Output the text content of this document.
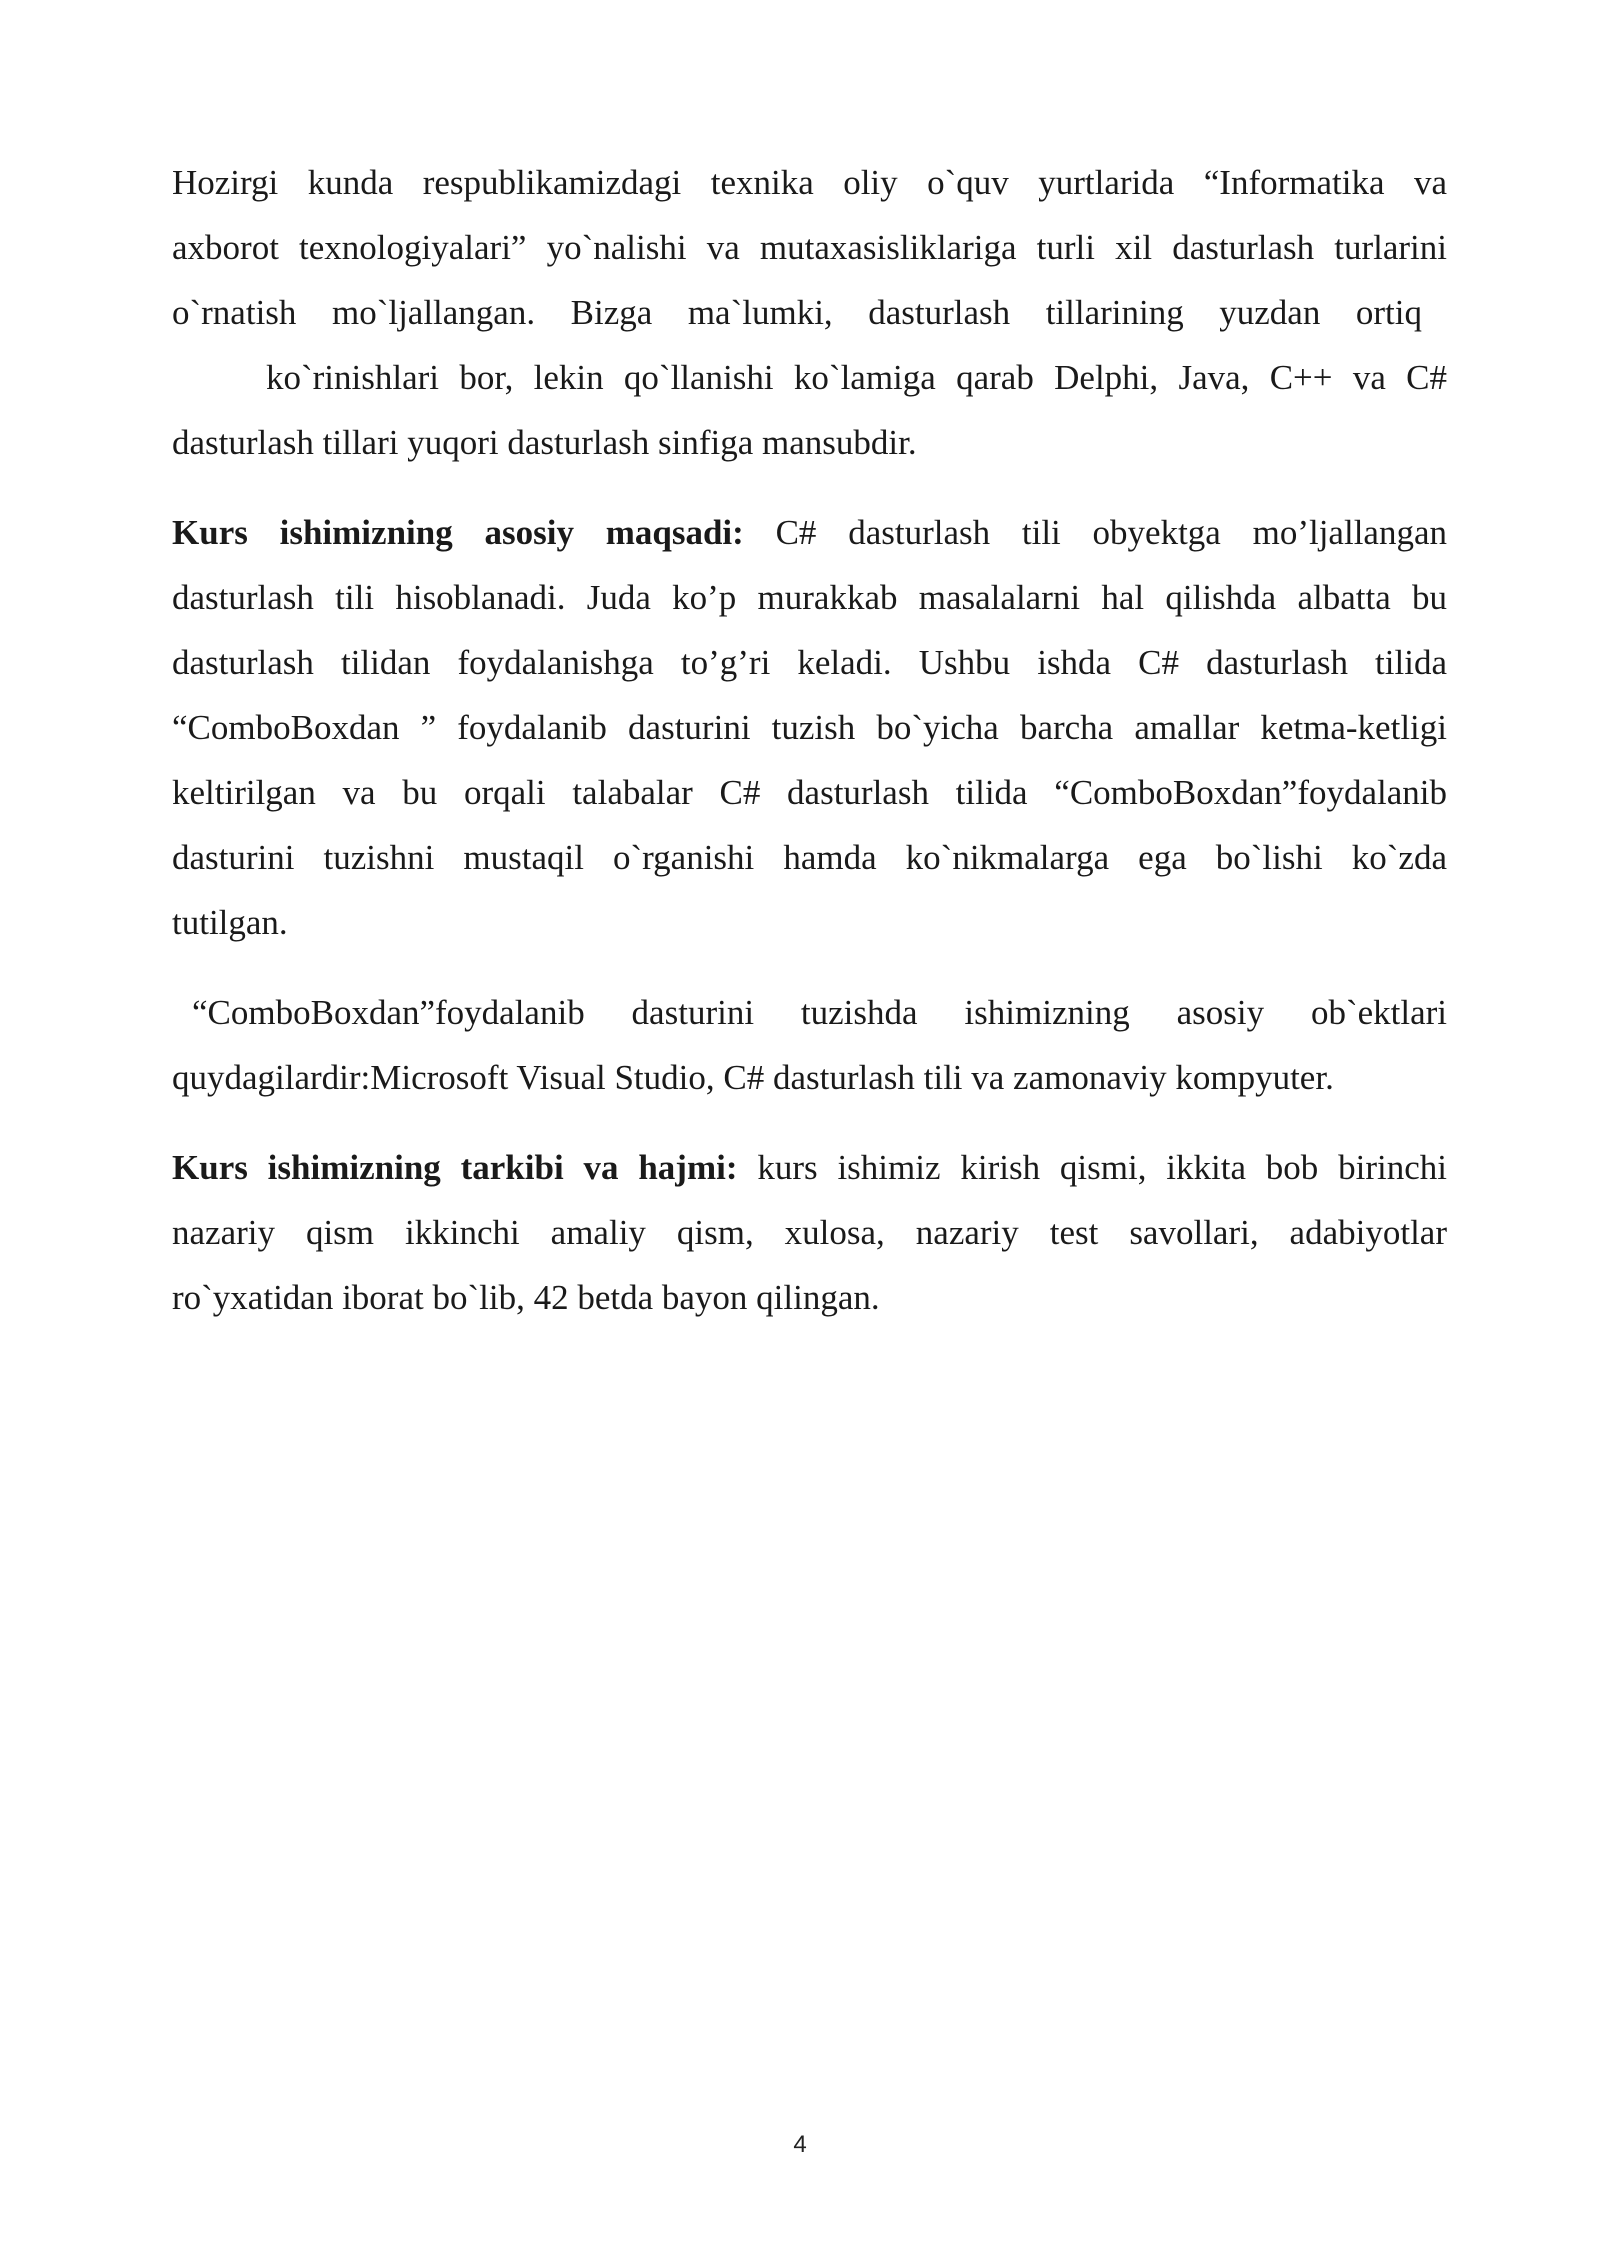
Hozirgi kunda respublikamizdagi texnika oliy o`quv yurtlarida “Informatika va
axborot texnologiyalari” yo`nalishi va mutaxasisliklariga turli xil dasturlash turlarini
o`rnatish mo`ljallangan. Bizga ma`lumki, dasturlash tillarining yuzdan ortiq
ko`rinishlari bor, lekin qo`llanishi ko`lamiga qarab Delphi, Java, C++ va C#
dasturlash tillari yuqori dasturlash sinfiga mansubdir.
Kurs ishimizning asosiy maqsadi: C# dasturlash tili obyektga mo’ljallangan
dasturlash tili hisoblanadi. Juda ko’p murakkab masalalarni hal qilishda albatta bu
dasturlash tilidan foydalanishga to’g’ri keladi. Ushbu ishda C# dasturlash tilida
“ComboBoxdan ” foydalanib dasturini tuzish bo`yicha barcha amallar ketma-ketligi
keltirilgan va bu orqali talabalar C# dasturlash tilida “ComboBoxdan”foydalanib
dasturini tuzishni mustaqil o`rganishi hamda ko`nikmalarga ega bo`lishi ko`zda
tutilgan.
“ComboBoxdan”foydalanib dasturini tuzishda ishimizning asosiy ob`ektlari
quydagilardir:Microsoft Visual Studio, C# dasturlash tili va zamonaviy kompyuter.
Kurs ishimizning tarkibi va hajmi: kurs ishimiz kirish qismi, ikkita bob birinchi
nazariy qism ikkinchi amaliy qism, xulosa, nazariy test savollari, adabiyotlar
ro`yxatidan iborat bo`lib, 42 betda bayon qilingan.
4
